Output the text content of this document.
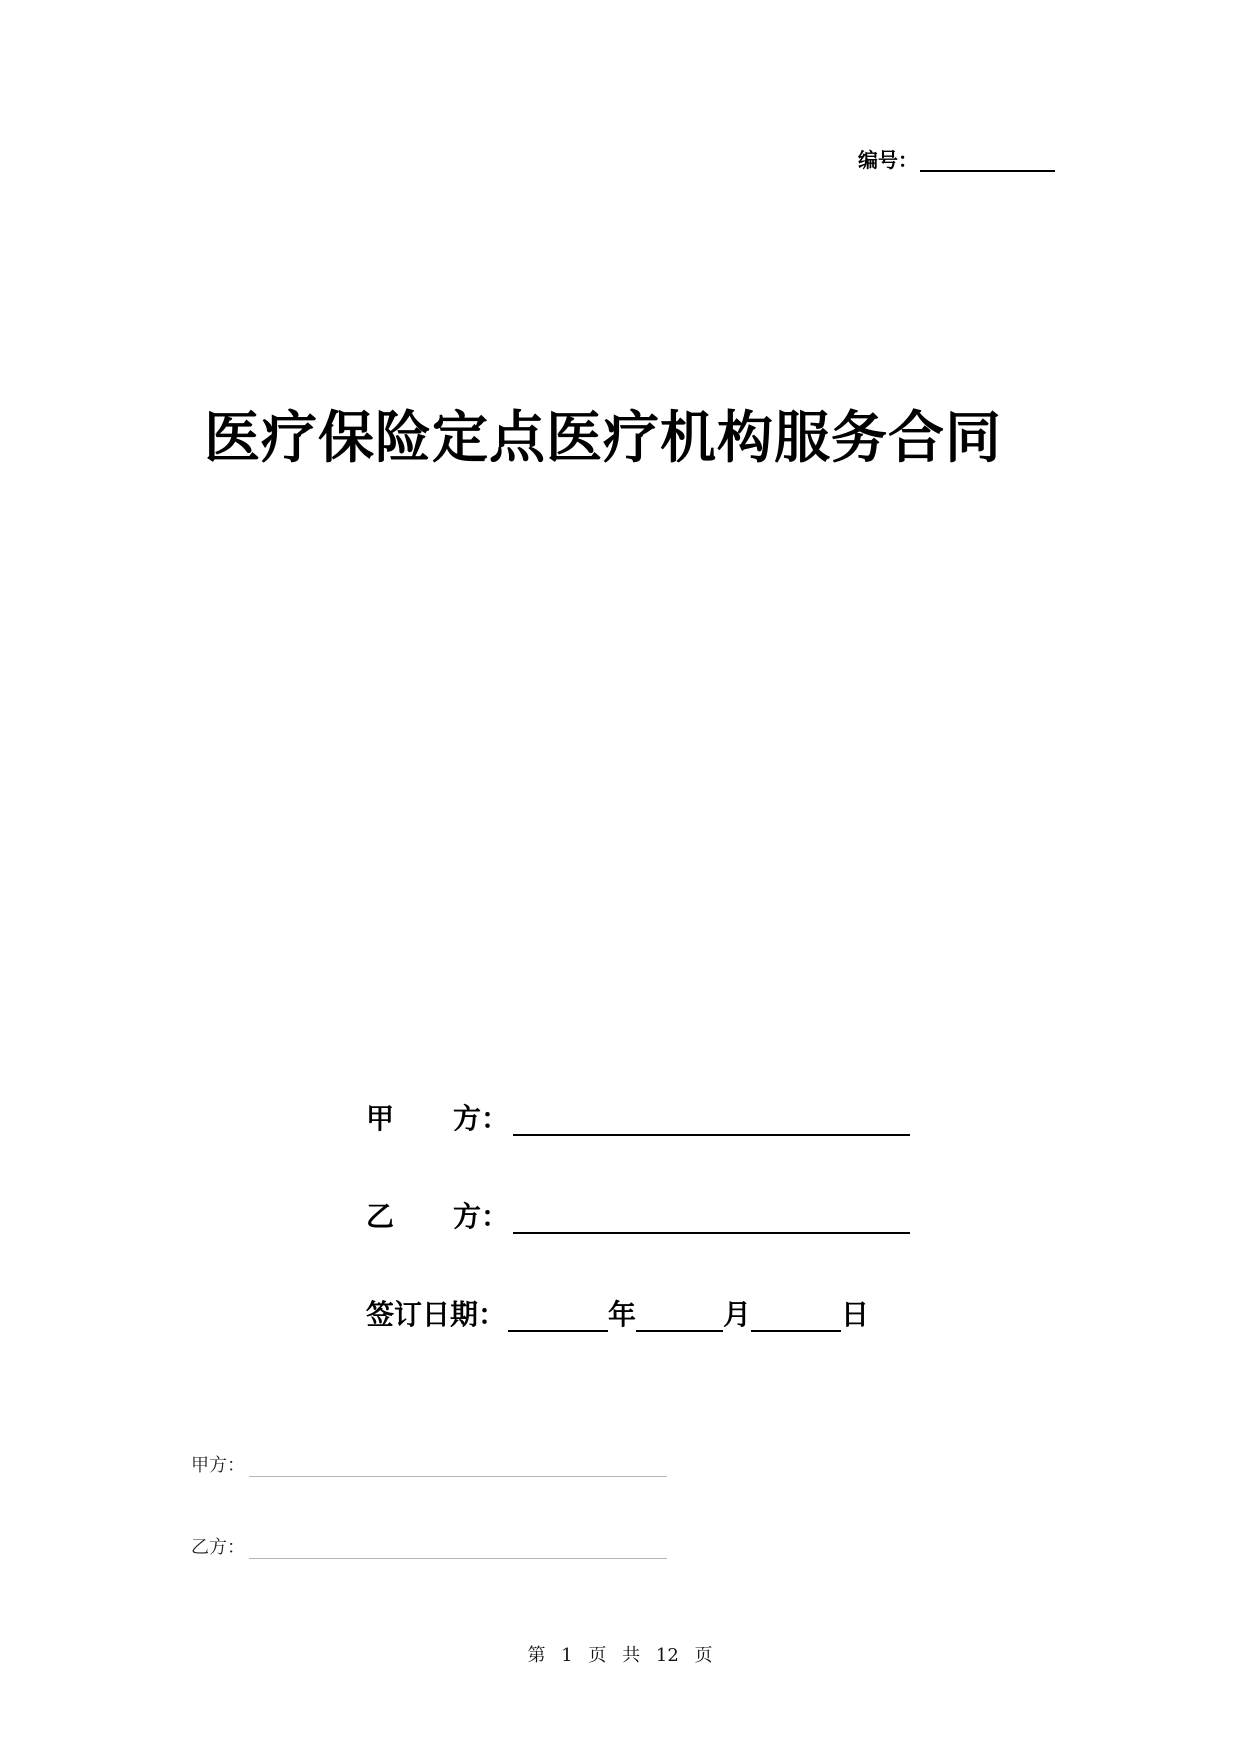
编号：
医疗保险定点医疗机构服务合同
甲　方 ：
乙　方 ：
签订日期：	年	月	日
甲方：
乙方：
第 1 页 共 12 页
